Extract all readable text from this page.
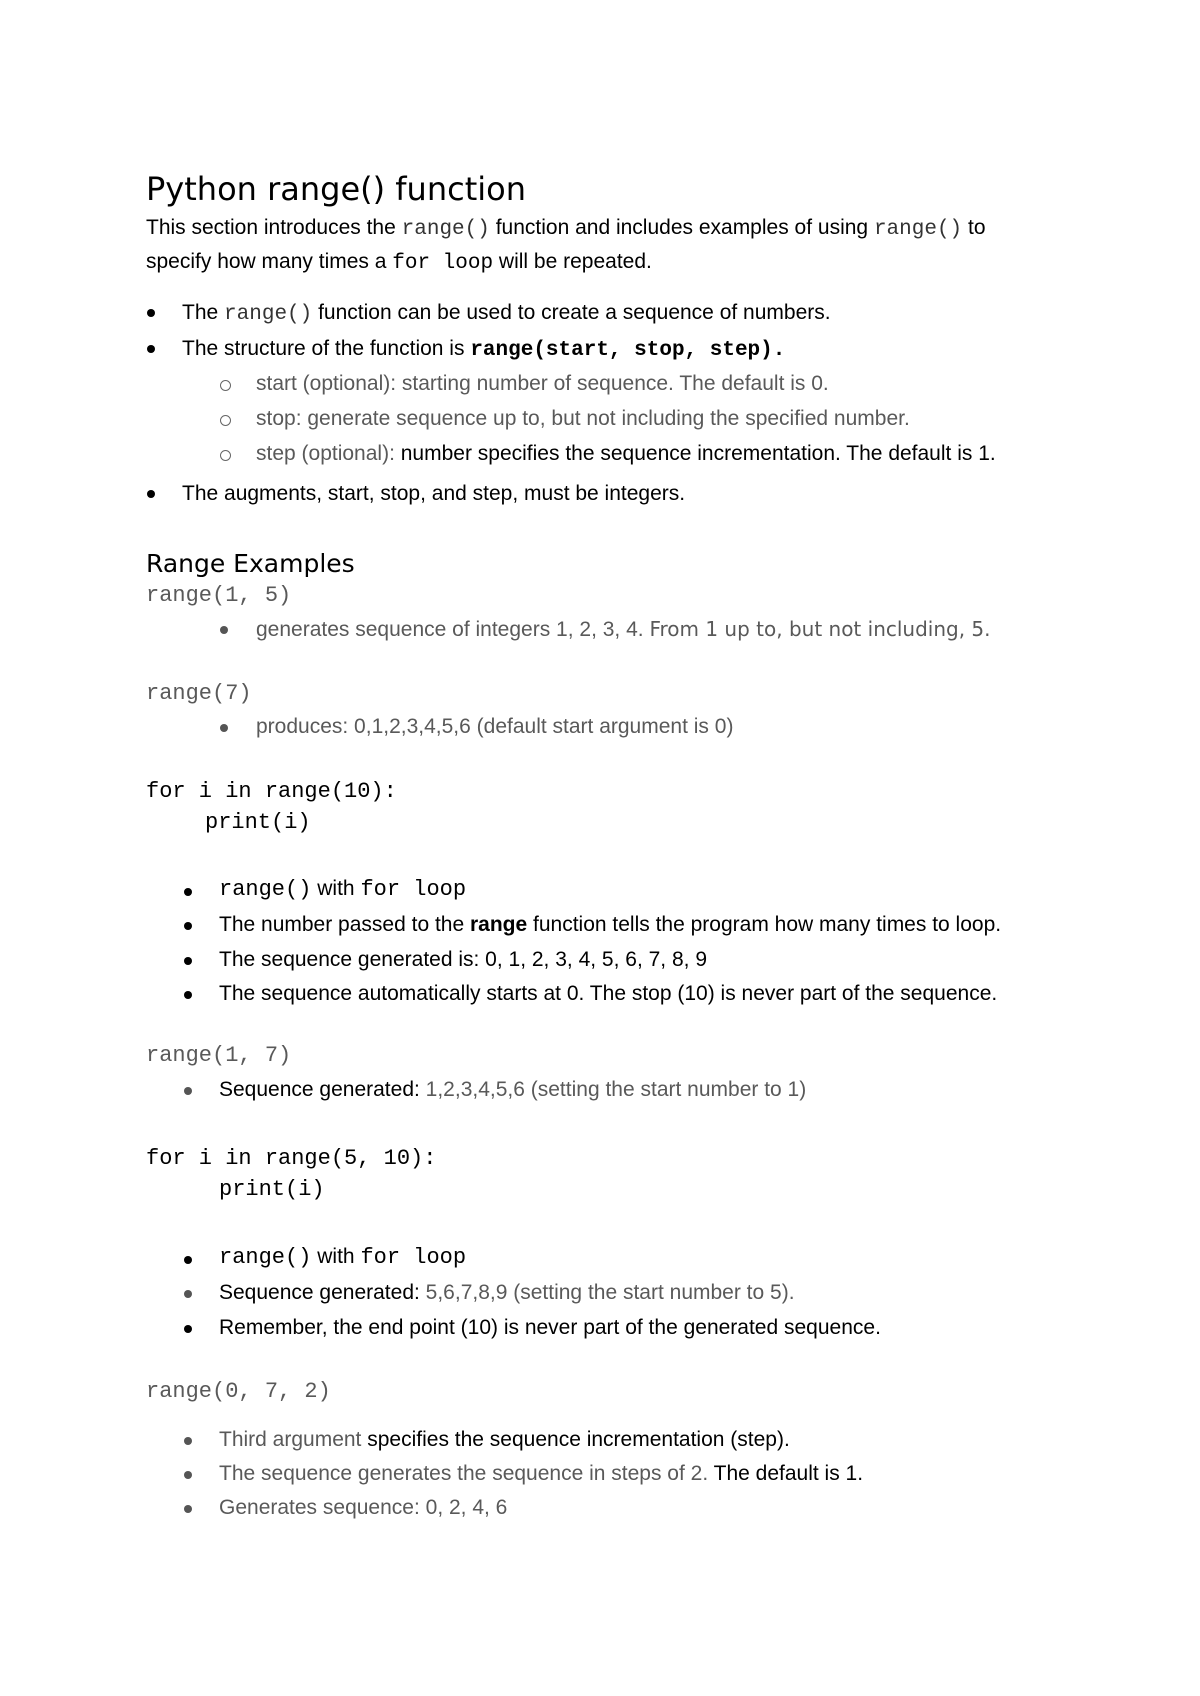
Python range() function
This section introduces the range() function and includes examples of using range() to
specify how many times a for loop will be repeated.
The range() function can be used to create a sequence of numbers.
The structure of the function is range(start, stop, step).
start (optional): starting number of sequence. The default is 0.
stop: generate sequence up to, but not including the specified number.
step (optional): number specifies the sequence incrementation. The default is 1.
The augments, start, stop, and step, must be integers.
Range Examples
range(1, 5)
generates sequence of integers 1, 2, 3, 4. From 1 up to, but not including, 5.
range(7)
produces: 0,1,2,3,4,5,6 (default start argument is 0)
for i in range(10):
print(i)
range() with for loop
The number passed to the range function tells the program how many times to loop.
The sequence generated is: 0, 1, 2, 3, 4, 5, 6, 7, 8, 9
The sequence automatically starts at 0. The stop (10) is never part of the sequence.
range(1, 7)
Sequence generated: 1,2,3,4,5,6 (setting the start number to 1)
for i in range(5, 10):
print(i)
range() with for loop
Sequence generated: 5,6,7,8,9 (setting the start number to 5).
Remember, the end point (10) is never part of the generated sequence.
range(0, 7, 2)
Third argument specifies the sequence incrementation (step).
The sequence generates the sequence in steps of 2. The default is 1.
Generates sequence: 0, 2, 4, 6
